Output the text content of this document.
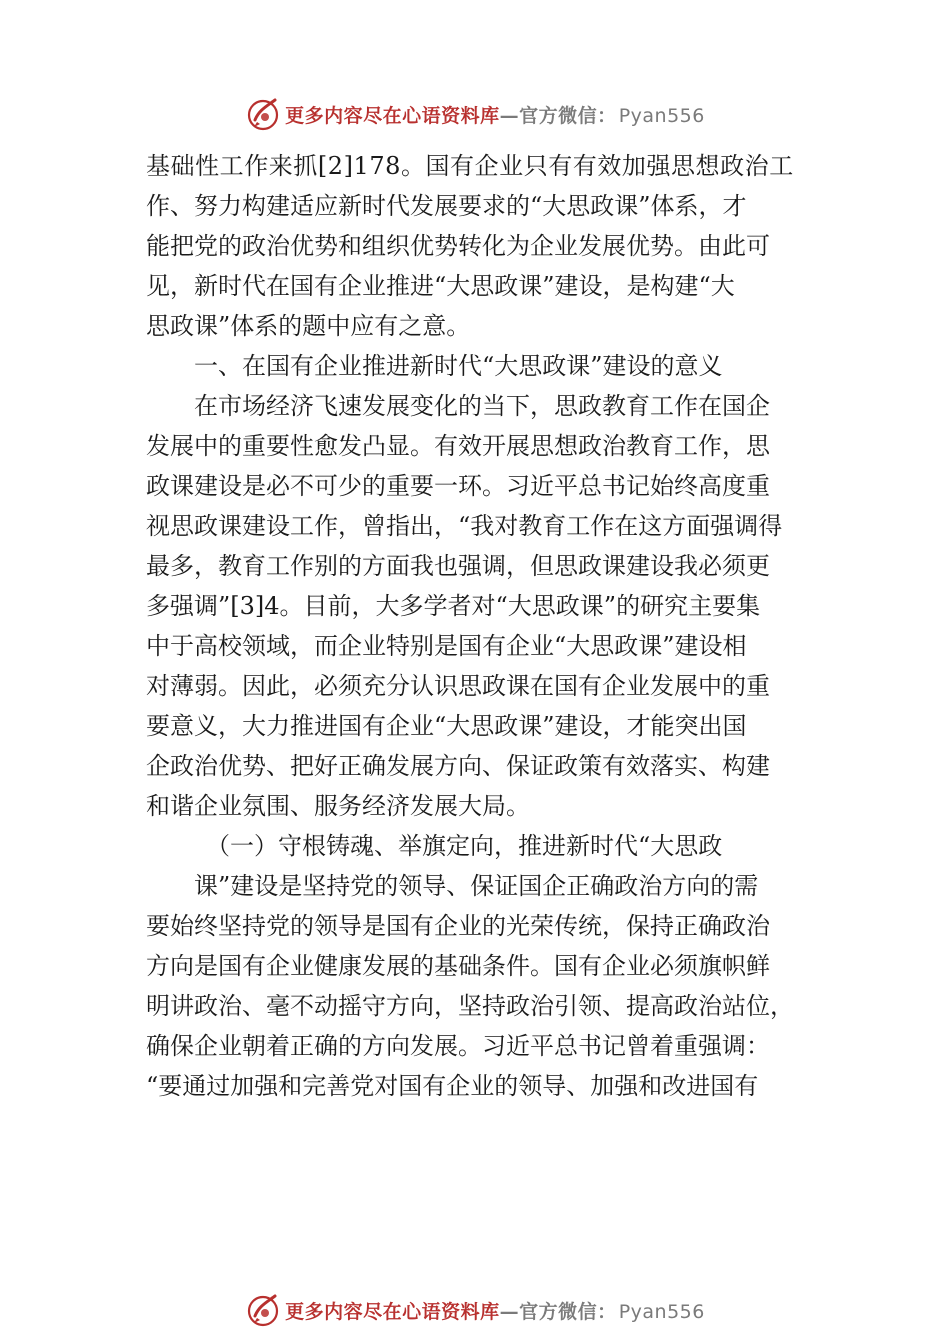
更多内容尽在心语资料库—官方微信： Pyan556
基础性工作来抓[2]178。国有企业只有有效加强思想政治工
作、努力构建适应新时代发展要求的“大思政课”体系，才
能把党的政治优势和组织优势转化为企业发展优势。由此可
见，新时代在国有企业推进“大思政课”建设，是构建“大
思政课”体系的题中应有之意。
一、在国有企业推进新时代“大思政课”建设的意义
在市场经济飞速发展变化的当下，思政教育工作在国企
发展中的重要性愈发凸显。有效开展思想政治教育工作，思
政课建设是必不可少的重要一环。习近平总书记始终高度重
视思政课建设工作，曾指出，“我对教育工作在这方面强调得
最多，教育工作别的方面我也强调，但思政课建设我必须更
多强调”[3]4。目前，大多学者对“大思政课”的研究主要集
中于高校领域，而企业特别是国有企业“大思政课”建设相
对薄弱。因此，必须充分认识思政课在国有企业发展中的重
要意义，大力推进国有企业“大思政课”建设，才能突出国
企政治优势、把好正确发展方向、保证政策有效落实、构建
和谐企业氛围、服务经济发展大局。
（一）守根铸魂、举旗定向，推进新时代“大思政
课”建设是坚持党的领导、保证国企正确政治方向的需
要始终坚持党的领导是国有企业的光荣传统，保持正确政治
方向是国有企业健康发展的基础条件。国有企业必须旗帜鲜
明讲政治、毫不动摇守方向，坚持政治引领、提高政治站位，
确保企业朝着正确的方向发展。习近平总书记曾着重强调：
“要通过加强和完善党对国有企业的领导、加强和改进国有
更多内容尽在心语资料库—官方微信： Pyan556
